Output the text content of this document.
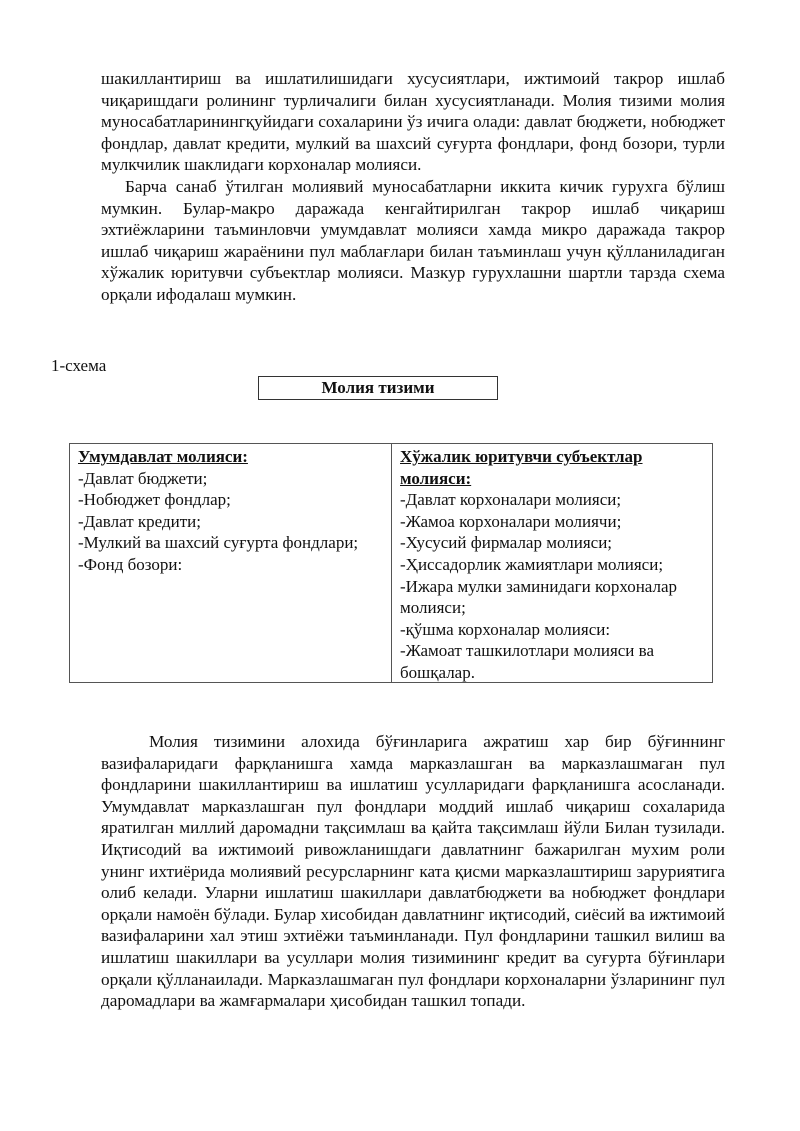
шакиллантириш ва ишлатилишидаги хусусиятлари, ижтимоий такрор ишлаб чиқаришдаги ролининг турличалиги билан хусусиятланади. Молия тизими молия муносабатларинингқуйидаги сохаларини ўз ичига олади: давлат бюджети, нобюджет фондлар, давлат кредити, мулкий ва шахсий суғурта фондлари, фонд бозори, турли мулкчилик шаклидаги корхоналар молияси.

Барча санаб ўтилган молиявий муносабатларни иккита кичик гурухга бўлиш мумкин. Булар-макро даражада кенгайтирилган такрор ишлаб чиқариш эхтиёжларини таъминловчи умумдавлат молияси хамда микро даражада такрор ишлаб чиқариш жараёнини пул маблағлари билан таъминлаш учун қўлланиладиган хўжалик юритувчи субъектлар молияси. Мазкур гурухлашни шартли тарзда схема орқали ифодалаш мумкин.

1-схема
Молия тизими
Умумдавлат молияси:
-Давлат бюджети;
-Нобюджет фондлар;
-Давлат кредити;
-Мулкий ва шахсий суғурта фондлари;
-Фонд бозори:
Хўжалик юритувчи субъектлар молияси:
-Давлат корхоналари молияси;
-Жамоа корхоналари молиячи;
-Хусусий фирмалар молияси;
-Ҳиссадорлик жамиятлари молияси;
-Ижара мулки заминидаги корхоналар молияси;
-қўшма корхоналар молияси:
-Жамоат ташкилотлари молияси ва бошқалар.

Молия тизимини алохида бўғинларига ажратиш хар бир бўғиннинг вазифаларидаги фарқланишга хамда марказлашган ва марказлашмаган пул фондларини шакиллантириш ва ишлатиш усулларидаги фарқланишга асосланади. Умумдавлат марказлашган пул фондлари моддий ишлаб чиқариш сохаларида яратилган миллий даромадни тақсимлаш ва қайта тақсимлаш йўли Билан тузилади. Иқтисодий ва ижтимоий ривожланишдаги давлатнинг бажарилган мухим роли унинг ихтиёрида молиявий ресурсларнинг ката қисми марказлаштириш заруриятига олиб келади. Уларни ишлатиш шакиллари давлатбюджети ва нобюджет фондлари орқали намоён бўлади. Булар хисобидан давлатнинг иқтисодий, сиёсий ва ижтимоий вазифаларини хал этиш эхтиёжи таъминланади. Пул фондларини ташкил вилиш ва ишлатиш шакиллари ва усуллари молия тизимининг кредит ва суғурта бўғинлари орқали қўлланаилади. Марказлашмаган пул фондлари корхоналарни ўзларининг пул даромадлари ва жамғармалари ҳисобидан ташкил топади.
